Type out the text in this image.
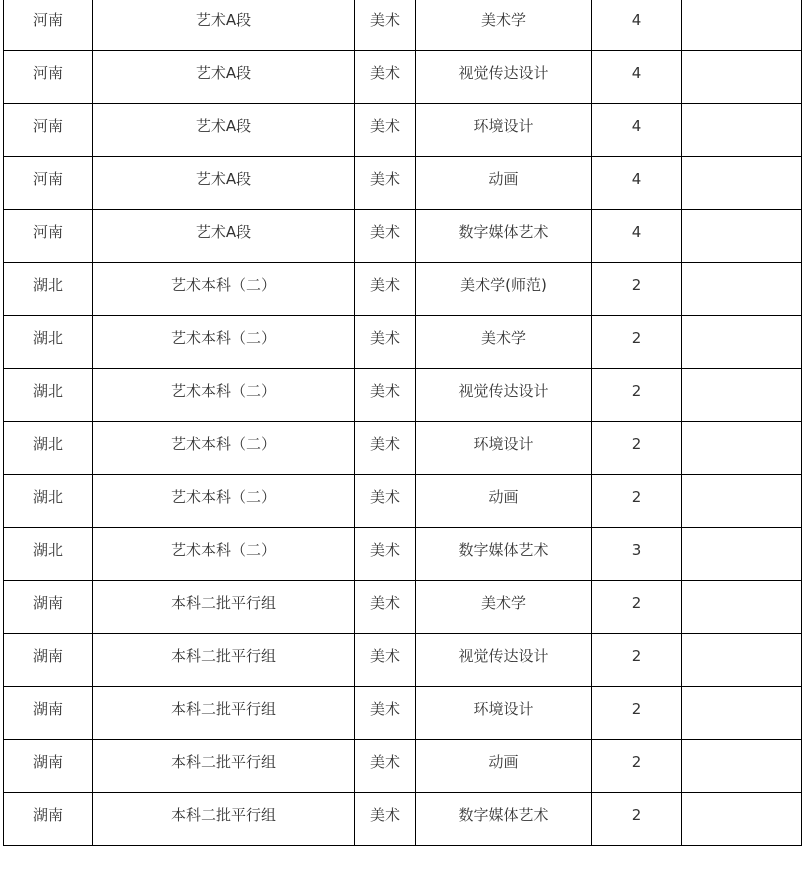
河南	艺术A段	美术	美术学	4	

河南	艺术A段	美术	视觉传达设计	4	

河南	艺术A段	美术	环境设计	4	

河南	艺术A段	美术	动画	4	

河南	艺术A段	美术	数字媒体艺术	4	

湖北	艺术本科（二）	美术	美术学(师范)	2	

湖北	艺术本科（二）	美术	美术学	2	

湖北	艺术本科（二）	美术	视觉传达设计	2	

湖北	艺术本科（二）	美术	环境设计	2	

湖北	艺术本科（二）	美术	动画	2	

湖北	艺术本科（二）	美术	数字媒体艺术	3	

湖南	本科二批平行组	美术	美术学	2	

湖南	本科二批平行组	美术	视觉传达设计	2	

湖南	本科二批平行组	美术	环境设计	2	

湖南	本科二批平行组	美术	动画	2	

湖南	本科二批平行组	美术	数字媒体艺术	2	
